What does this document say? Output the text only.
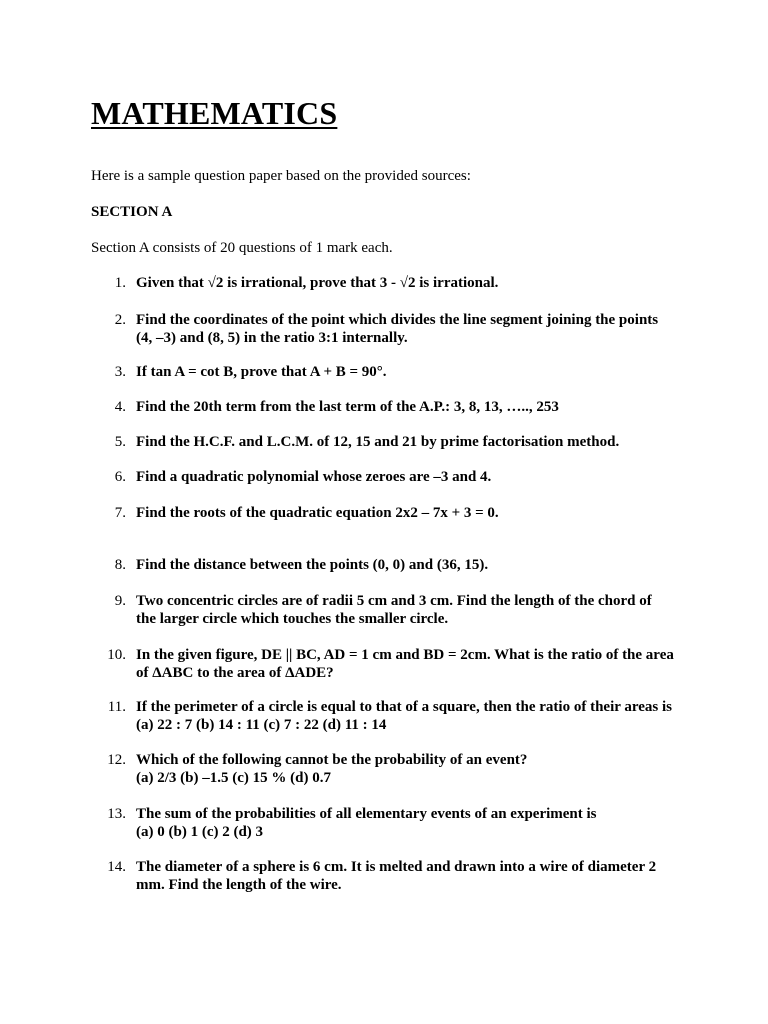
MATHEMATICS
Here is a sample question paper based on the provided sources:
SECTION A
Section A consists of 20 questions of 1 mark each.
1. Given that √2 is irrational, prove that 3 - √2 is irrational.
2. Find the coordinates of the point which divides the line segment joining the points
(4, –3) and (8, 5) in the ratio 3:1 internally.
3. If tan A = cot B, prove that A + B = 90°.
4. Find the 20th term from the last term of the A.P.: 3, 8, 13, ….., 253
5. Find the H.C.F. and L.C.M. of 12, 15 and 21 by prime factorisation method.
6. Find a quadratic polynomial whose zeroes are –3 and 4.
7. Find the roots of the quadratic equation 2x2 – 7x + 3 = 0.
8. Find the distance between the points (0, 0) and (36, 15).
9. Two concentric circles are of radii 5 cm and 3 cm. Find the length of the chord of
the larger circle which touches the smaller circle.
10. In the given figure, DE || BC, AD = 1 cm and BD = 2cm. What is the ratio of the area
of ΔABC to the area of ΔADE?
11. If the perimeter of a circle is equal to that of a square, then the ratio of their areas is
(a) 22 : 7 (b) 14 : 11 (c) 7 : 22 (d) 11 : 14
12. Which of the following cannot be the probability of an event?
(a) 2/3 (b) –1.5 (c) 15 % (d) 0.7
13. The sum of the probabilities of all elementary events of an experiment is
(a) 0 (b) 1 (c) 2 (d) 3
14. The diameter of a sphere is 6 cm. It is melted and drawn into a wire of diameter 2
mm. Find the length of the wire.
